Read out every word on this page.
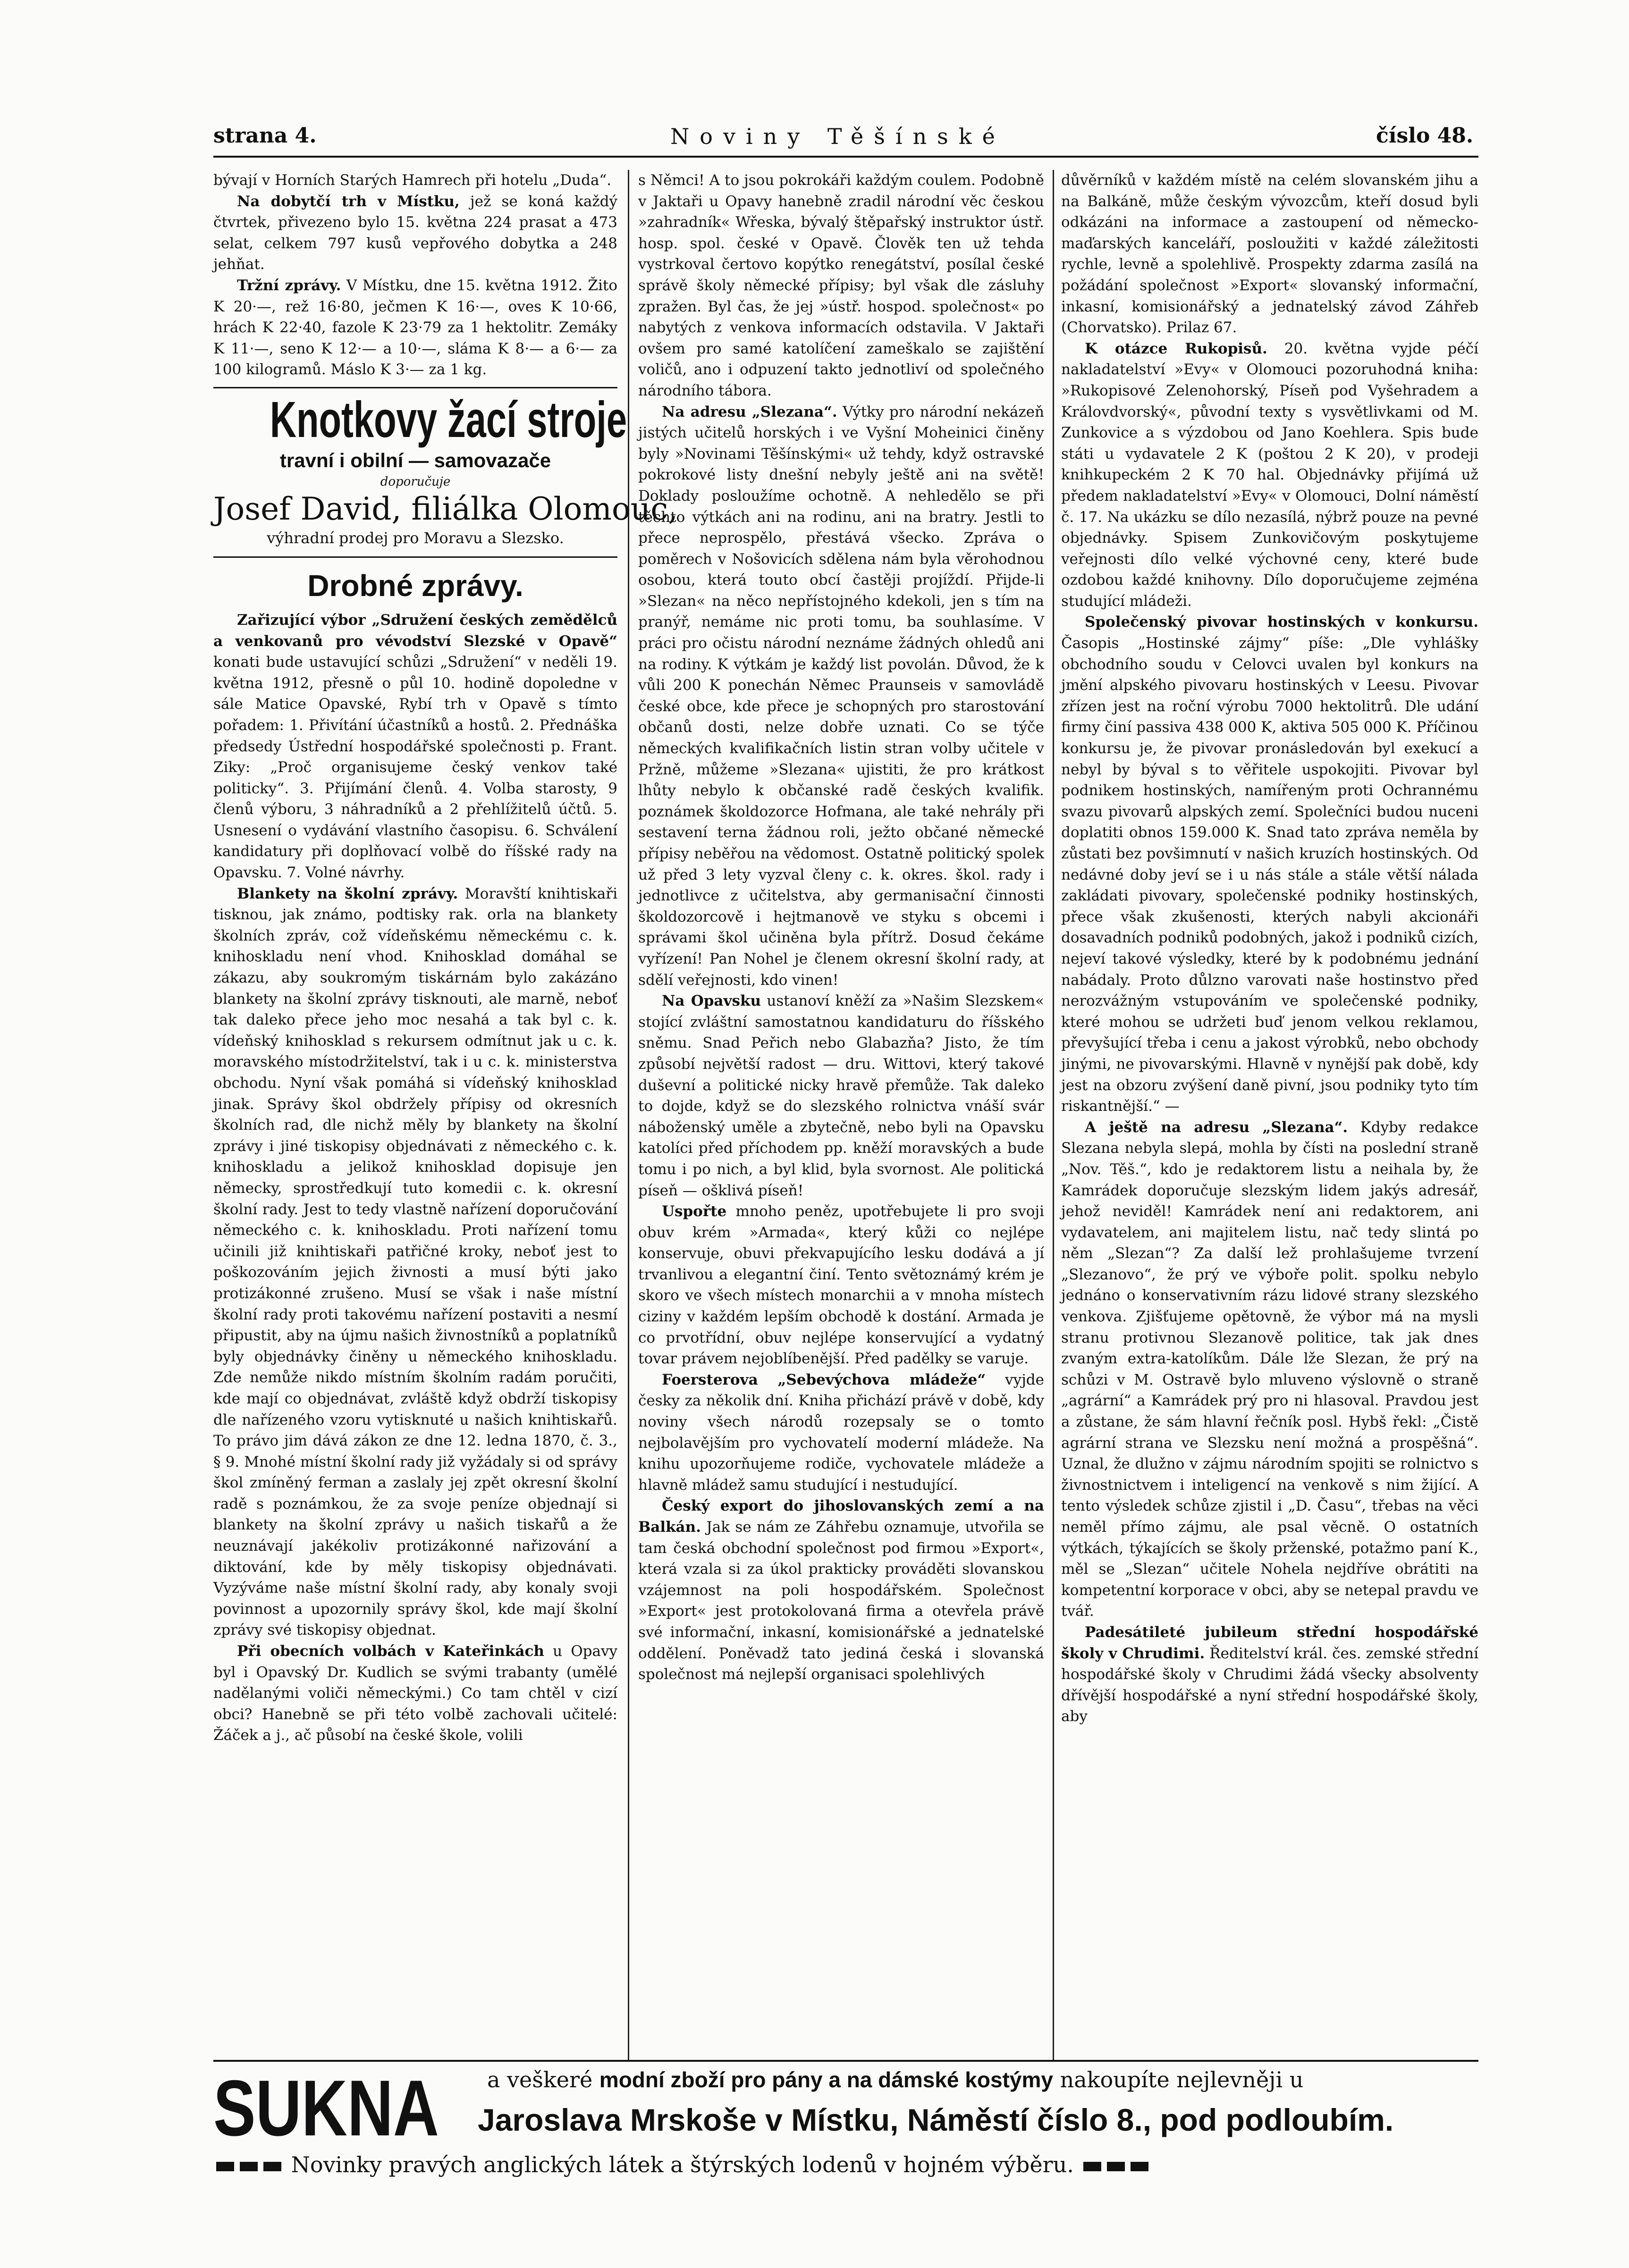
strana 4.	Noviny Těšínské	číslo 48.

bývají v Horních Starých Hamrech při hotelu „Duda“.

Na dobytčí trh v Místku, jež se koná každý čtvrtek, přivezeno bylo 15. května 224 prasat a 473 selat, celkem 797 kusů vepřového dobytka a 248 jehňat.

Tržní zprávy. V Místku, dne 15. května 1912. Žito K 20·—, rež 16·80, ječmen K 16·—, oves K 10·66, hrách K 22·40, fazole K 23·79 za 1 hektolitr. Zemáky K 11·—, seno K 12·— a 10·—, sláma K 8·— a 6·— za 100 kilogramů. Máslo K 3·— za 1 kg.

Knotkovy žací stroje
travní i obilní — samovazače
doporučuje
Josef David, filiálka Olomouc,
výhradní prodej pro Moravu a Slezsko.
Drobné zprávy.

Zařizující výbor „Sdružení českých zemědělců a venkovanů pro vévodství Slezské v Opavě“ konati bude ustavující schůzi „Sdružení“ v neděli 19. května 1912, přesně o půl 10. hodině dopoledne v sále Matice Opavské, Rybí trh v Opavě s tímto pořadem: 1. Přivítání účastníků a hostů. 2. Přednáška předsedy Ústřední hospodářské společnosti p. Frant. Ziky: „Proč organisujeme český venkov také politicky“. 3. Přijímání členů. 4. Volba starosty, 9 členů výboru, 3 náhradníků a 2 přehlížitelů účtů. 5. Usnesení o vydávání vlastního časopisu. 6. Schválení kandidatury při doplňovací volbě do říšské rady na Opavsku. 7. Volné návrhy.

Blankety na školní zprávy. Moravští knihtiskaři tisknou, jak známo, podtisky rak. orla na blankety školních zpráv, což vídeňskému německému c. k. knihoskladu není vhod. Knihosklad domáhal se zákazu, aby soukromým tiskárnám bylo zakázáno blankety na školní zprávy tisknouti, ale marně, neboť tak daleko přece jeho moc nesahá a tak byl c. k. vídeňský knihosklad s rekursem odmítnut jak u c. k. moravského místodržitelství, tak i u c. k. ministerstva obchodu. Nyní však pomáhá si vídeňský knihosklad jinak. Správy škol obdržely přípisy od okresních školních rad, dle nichž měly by blankety na školní zprávy i jiné tiskopisy objednávati z německého c. k. knihoskladu a jelikož knihosklad dopisuje jen německy, sprostředkují tuto komedii c. k. okresní školní rady. Jest to tedy vlastně nařízení doporučování německého c. k. knihoskladu. Proti nařízení tomu učinili již knihtiskaři patřičné kroky, neboť jest to poškozováním jejich živnosti a musí býti jako protizákonné zrušeno. Musí se však i naše místní školní rady proti takovému nařízení postaviti a nesmí připustit, aby na újmu našich živnostníků a poplatníků byly objednávky činěny u německého knihoskladu. Zde nemůže nikdo místním školním radám poručiti, kde mají co objednávat, zvláště když obdrží tiskopisy dle nařízeného vzoru vytisknuté u našich knihtiskařů. To právo jim dává zákon ze dne 12. ledna 1870, č. 3., § 9. Mnohé místní školní rady již vyžádaly si od správy škol zmíněný ferman a zaslaly jej zpět okresní školní radě s poznámkou, že za svoje peníze objednají si blankety na školní zprávy u našich tiskařů a že neuznávají jakékoliv protizákonné nařizování a diktování, kde by měly tiskopisy objednávati. Vyzýváme naše místní školní rady, aby konaly svoji povinnost a upozornily správy škol, kde mají školní zprávy své tiskopisy objednat.

Při obecních volbách v Kateřinkách u Opavy byl i Opavský Dr. Kudlich se svými trabanty (umělé nadělanými voliči německými.) Co tam chtěl v cizí obci? Hanebně se při této volbě zachovali učitelé: Žáček a j., ač působí na české škole, volili

s Němci! A to jsou pokrokáři každým coulem. Podobně v Jaktaři u Opavy hanebně zradil národní věc českou »zahradník« Wřeska, bývalý štěpařský instruktor ústř. hosp. spol. české v Opavě. Člověk ten už tehda vystrkoval čertovo kopýtko renegátství, posílal české správě školy německé přípisy; byl však dle zásluhy zpražen. Byl čas, že jej »ústř. hospod. společnost« po nabytých z venkova informacích odstavila. V Jaktaři ovšem pro samé katolíčení zameškalo se zajištění voličů, ano i odpuzení takto jednotliví od společného národního tábora.

Na adresu „Slezana“. Výtky pro národní nekázeň jistých učitelů horských i ve Vyšní Moheinici činěny byly »Novinami Těšínskými« už tehdy, když ostravské pokrokové listy dnešní nebyly ještě ani na světě! Doklady posloužíme ochotně. A nehledělo se při těchto výtkách ani na rodinu, ani na bratry. Jestli to přece neprospělo, přestává všecko. Zpráva o poměrech v Nošovicích sdělena nám byla věrohodnou osobou, která touto obcí častěji projíždí. Přijde-li »Slezan« na něco nepřístojného kdekoli, jen s tím na pranýř, nemáme nic proti tomu, ba souhlasíme. V práci pro očistu národní neznáme žádných ohledů ani na rodiny. K výtkám je každý list povolán. Důvod, že k vůli 200 K ponechán Němec Praunseis v samovládě české obce, kde přece je schopných pro starostování občanů dosti, nelze dobře uznati. Co se týče německých kvalifikačních listin stran volby učitele v Pržně, můžeme »Slezana« ujistiti, že pro krátkost lhůty nebylo k občanské radě českých kvalifik. poznámek školdozorce Hofmana, ale také nehrály při sestavení terna žádnou roli, ježto občané německé přípisy neběřou na vědomost. Ostatně politický spolek už před 3 lety vyzval členy c. k. okres. škol. rady i jednotlivce z učitelstva, aby germanisační činnosti školdozorcově i hejtmanově ve styku s obcemi i správami škol učiněna byla přítrž. Dosud čekáme vyřízení! Pan Nohel je členem okresní školní rady, at sdělí veřejnosti, kdo vinen!

Na Opavsku ustanoví kněží za »Našim Slezskem« stojící zvláštní samostatnou kandidaturu do říšského sněmu. Snad Peřich nebo Glabazňa? Jisto, že tím způsobí největší radost — dru. Wittovi, který takové duševní a politické nicky hravě přemůže. Tak daleko to dojde, když se do slezského rolnictva vnáší svár náboženský uměle a zbytečně, nebo byli na Opavsku katolíci před příchodem pp. kněží moravských a bude tomu i po nich, a byl klid, byla svornost. Ale politická píseň — ošklivá píseň!

Uspořte mnoho peněz, upotřebujete li pro svoji obuv krém »Armada«, který kůži co nejlépe konservuje, obuvi překvapujícího lesku dodává a jí trvanlivou a elegantní činí. Tento světoznámý krém je skoro ve všech místech monarchii a v mnoha místech ciziny v každém lepším obchodě k dostání. Armada je co prvotřídní, obuv nejlépe konservující a vydatný tovar právem nejoblíbenější. Před padělky se varuje.

Foersterova „Sebevýchova mládeže“ vyjde česky za několik dní. Kniha přichází právě v době, kdy noviny všech národů rozepsaly se o tomto nejbolavějším pro vychovatelí moderní mládeže. Na knihu upozorňujeme rodiče, vychovatele mládeže a hlavně mládež samu studující i nestudující.

Český export do jihoslovanských zemí a na Balkán. Jak se nám ze Záhřebu oznamuje, utvořila se tam česká obchodní společnost pod firmou »Export«, která vzala si za úkol prakticky prováděti slovanskou vzájemnost na poli hospodářském. Společnost »Export« jest protokolovaná firma a otevřela právě své informační, inkasní, komisionářské a jednatelské oddělení. Poněvadž tato jediná česká i slovanská společnost má nejlepší organisaci spolehlivých

důvěrníků v každém místě na celém slovanském jihu a na Balkáně, může českým vývozcům, kteří dosud byli odkázáni na informace a zastoupení od německo-maďarských kanceláří, posloužiti v každé záležitosti rychle, levně a spolehlivě. Prospekty zdarma zasílá na požádání společnost »Export« slovanský informační, inkasní, komisionářský a jednatelský závod Záhřeb (Chorvatsko). Prilaz 67.

K otázce Rukopisů. 20. května vyjde péčí nakladatelství »Evy« v Olomouci pozoruhodná kniha: »Rukopisové Zelenohorský, Píseň pod Vyšehradem a Královdvorský«, původní texty s vysvětlivkami od M. Zunkovice a s výzdobou od Jano Koehlera. Spis bude státi u vydavatele 2 K (poštou 2 K 20), v prodeji knihkupeckém 2 K 70 hal. Objednávky přijímá už předem nakladatelství »Evy« v Olomouci, Dolní náměstí č. 17. Na ukázku se dílo nezasílá, nýbrž pouze na pevné objednávky. Spisem Zunkovičovým poskytujeme veřejnosti dílo velké výchovné ceny, které bude ozdobou každé knihovny. Dílo doporučujeme zejména studující mládeži.

Společenský pivovar hostinských v konkursu. Časopis „Hostinské zájmy“ píše: „Dle vyhlášky obchodního soudu v Celovci uvalen byl konkurs na jmění alpského pivovaru hostinských v Leesu. Pivovar zřízen jest na roční výrobu 7000 hektolitrů. Dle udání firmy činí passiva 438 000 K, aktiva 505 000 K. Příčinou konkursu je, že pivovar pronásledován byl exekucí a nebyl by býval s to věřitele uspokojiti. Pivovar byl podnikem hostinských, namířeným proti Ochrannému svazu pivovarů alpských zemí. Společníci budou nuceni doplatiti obnos 159.000 K. Snad tato zpráva neměla by zůstati bez povšimnutí v našich kruzích hostinských. Od nedávné doby jeví se i u nás stále a stále větší nálada zakládati pivovary, společenské podniky hostinských, přece však zkušenosti, kterých nabyli akcionáři dosavadních podniků podobných, jakož i podniků cizích, nejeví takové výsledky, které by k podobnému jednání nabádaly. Proto důlzno varovati naše hostinstvo před nerozvážným vstupováním ve společenské podniky, které mohou se udržeti buď jenom velkou reklamou, převyšující třeba i cenu a jakost výrobků, nebo obchody jinými, ne pivovarskými. Hlavně v nynější pak době, kdy jest na obzoru zvýšení daně pivní, jsou podniky tyto tím riskantnější.“ —

A ještě na adresu „Slezana“. Kdyby redakce Slezana nebyla slepá, mohla by čísti na poslední straně „Nov. Těš.“, kdo je redaktorem listu a neihala by, že Kamrádek doporučuje slezským lidem jakýs adresář, jehož neviděl! Kamrádek není ani redaktorem, ani vydavatelem, ani majitelem listu, nač tedy slintá po něm „Slezan“? Za další lež prohlašujeme tvrzení „Slezanovo“, že prý ve výboře polit. spolku nebylo jednáno o konservativním rázu lidové strany slezského venkova. Zjišťujeme opětovně, že výbor má na mysli stranu protivnou Slezanově politice, tak jak dnes zvaným extra-katolíkům. Dále lže Slezan, že prý na schůzi v M. Ostravě bylo mluveno výslovně o straně „agrární“ a Kamrádek prý pro ni hlasoval. Pravdou jest a zůstane, že sám hlavní řečník posl. Hybš řekl: „Čistě agrární strana ve Slezsku není možná a prospěšná“. Uznal, že dlužno v zájmu národním spojiti se rolnictvo s živnostnictvem i inteligencí na venkově s nim žijící. A tento výsledek schůze zjistil i „D. Času“, třebas na věci neměl přímo zájmu, ale psal věcně. O ostatních výtkách, týkajících se školy prženské, potažmo paní K., měl se „Slezan“ učitele Nohela nejdříve obrátiti na kompetentní korporace v obci, aby se netepal pravdu ve tvář.

Padesátileté jubileum střední hospodářské školy v Chrudimi. Ředitelství král. čes. zemské střední hospodářské školy v Chrudimi žádá všecky absolventy dřívější hospodářské a nyní střední hospodářské školy, aby

SUKNA a veškeré modní zboží pro pány a na dámské kostýmy nakoupíte nejlevněji u
Jaroslava Mrskoše v Místku, Náměstí číslo 8., pod podloubím.
Novinky pravých anglických látek a štýrských lodenů v hojném výběru.
